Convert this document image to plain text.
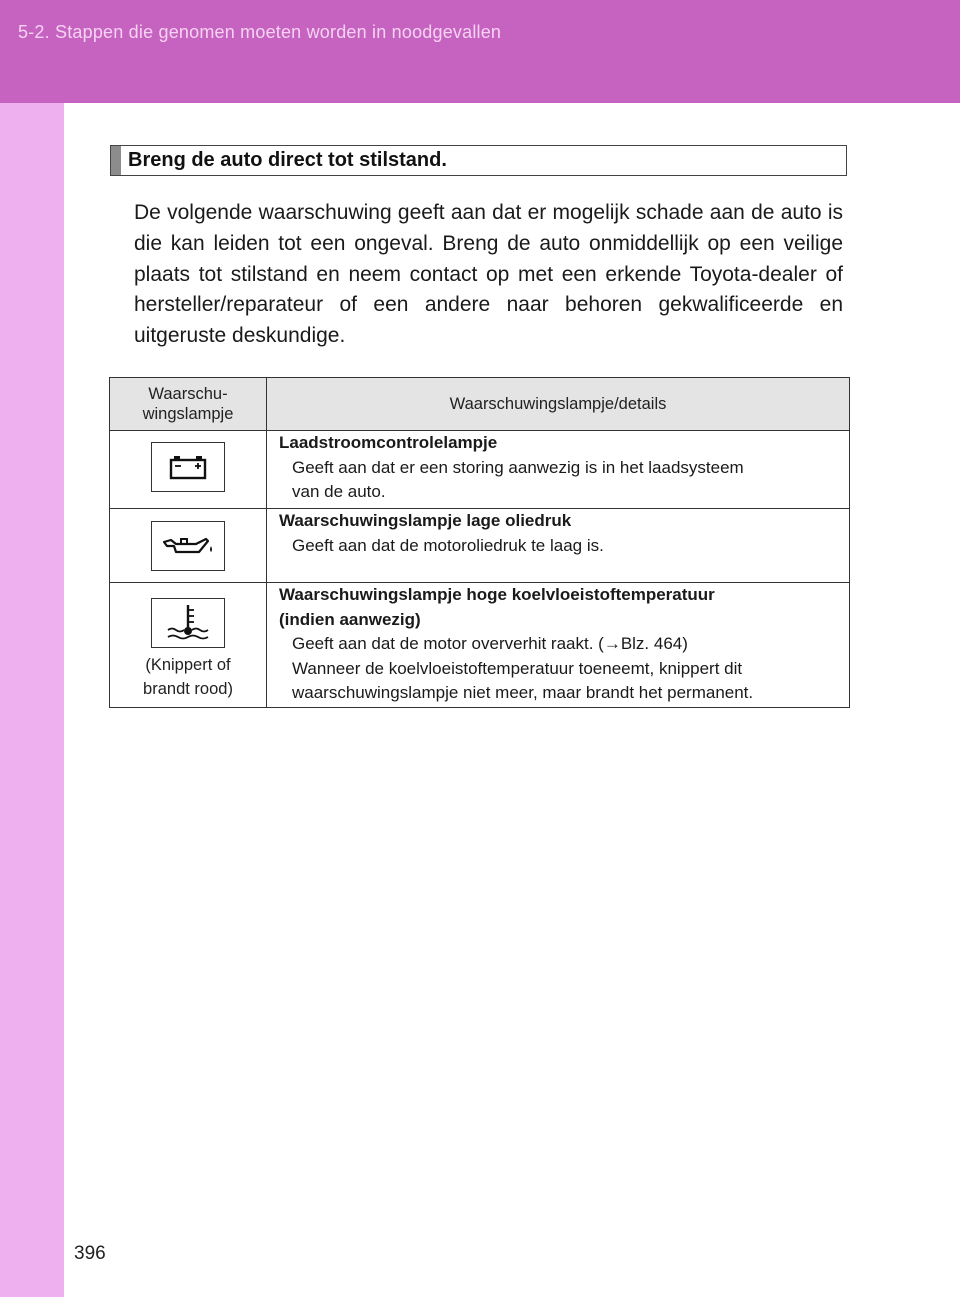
5-2. Stappen die genomen moeten worden in noodgevallen
Breng de auto direct tot stilstand.
De volgende waarschuwing geeft aan dat er mogelijk schade aan de auto is die kan leiden tot een ongeval. Breng de auto onmiddellijk op een veilige plaats tot stilstand en neem contact op met een erkende Toyota-dealer of hersteller/reparateur of een andere naar behoren gekwalificeerde en uitgeruste deskundige.
Waarschu-
wingslampje	Waarschuwingslampje/details

Laadstroomcontrolelampje
Geeft aan dat er een storing aanwezig is in het laadsysteem
van de auto.

Waarschuwingslampje lage oliedruk
Geeft aan dat de motoroliedruk te laag is.

(Knippert of
brandt rood)	Waarschuwingslampje hoge koelvloeistoftemperatuur
(indien aanwezig)
Geeft aan dat de motor oververhit raakt. (→Blz. 464)
Wanneer de koelvloeistoftemperatuur toeneemt, knippert dit
waarschuwingslampje niet meer, maar brandt het permanent.
396
